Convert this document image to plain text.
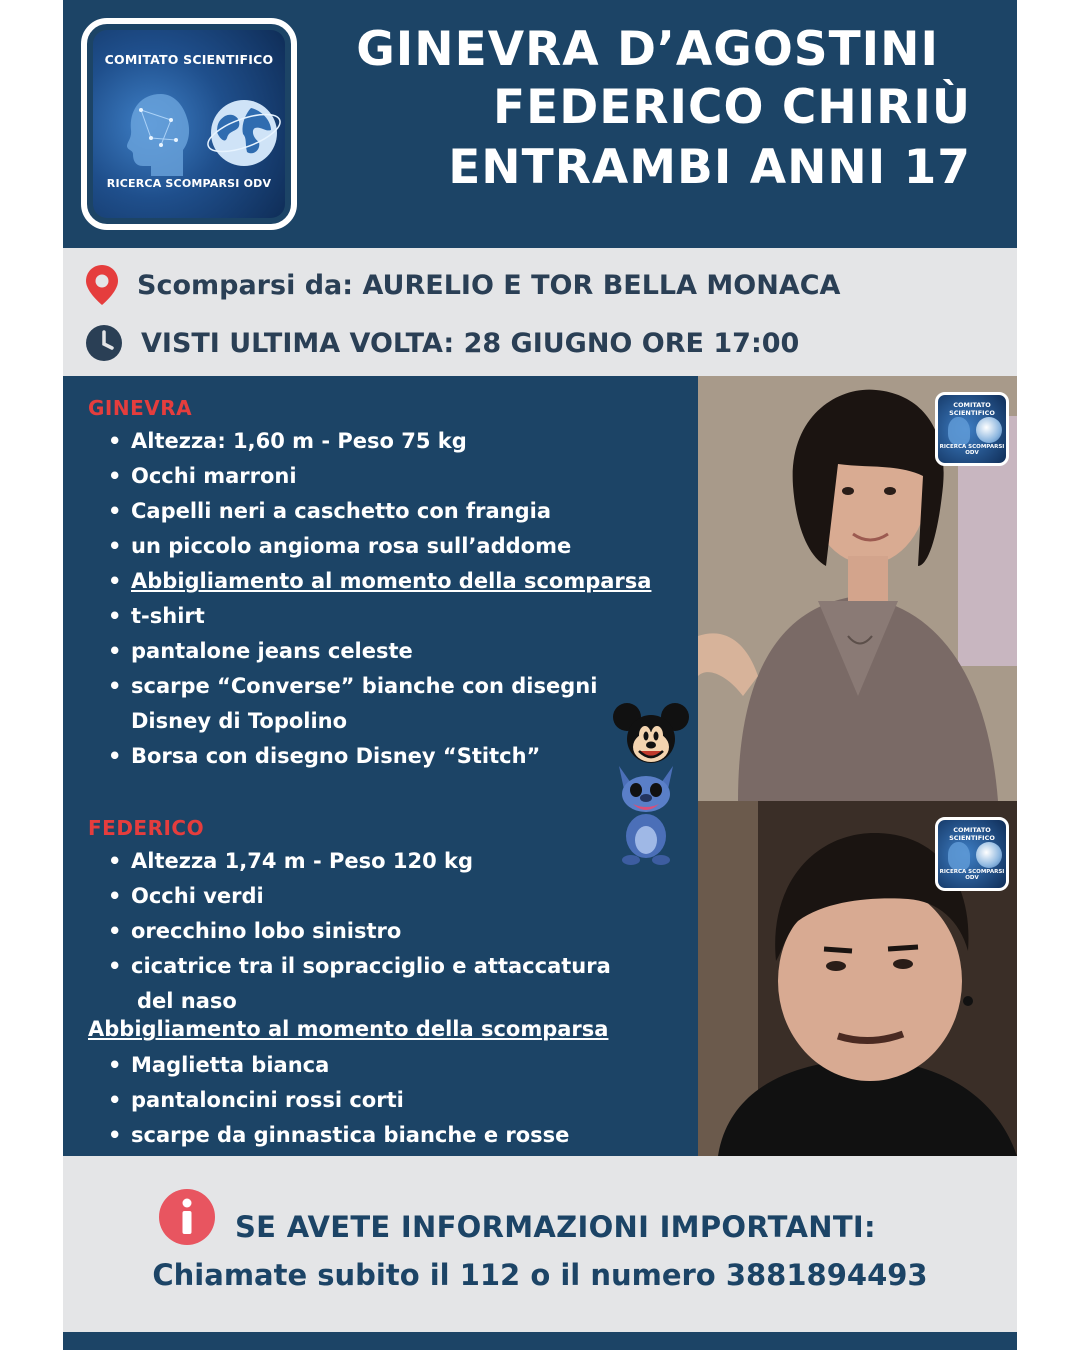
COMITATO SCIENTIFICO
RICERCA SCOMPARSI ODV
GINEVRA D’AGOSTINI
FEDERICO CHIRIÙ
ENTRAMBI ANNI 17
Scomparsi da: AURELIO E TOR BELLA MONACA
VISTI ULTIMA VOLTA: 28 GIUGNO ORE 17:00
GINEVRA
• Altezza: 1,60 m - Peso 75 kg
• Occhi marroni
• Capelli neri a caschetto con frangia
• un piccolo angioma rosa sull’addome
• Abbigliamento al momento della scomparsa
• t-shirt
• pantalone jeans celeste
• scarpe “Converse” bianche con disegni
Disney di Topolino
• Borsa con disegno Disney “Stitch”
FEDERICO
• Altezza 1,74 m - Peso 120 kg
• Occhi verdi
• orecchino lobo sinistro
• cicatrice tra il sopracciglio e attaccatura
del naso
Abbigliamento al momento della scomparsa
• Maglietta bianca
• pantaloncini rossi corti
• scarpe da ginnastica bianche e rosse
COMITATO SCIENTIFICO
RICERCA SCOMPARSI ODV
COMITATO SCIENTIFICO
RICERCA SCOMPARSI ODV
SE AVETE INFORMAZIONI IMPORTANTI:
Chiamate subito il 112 o il numero 3881894493
